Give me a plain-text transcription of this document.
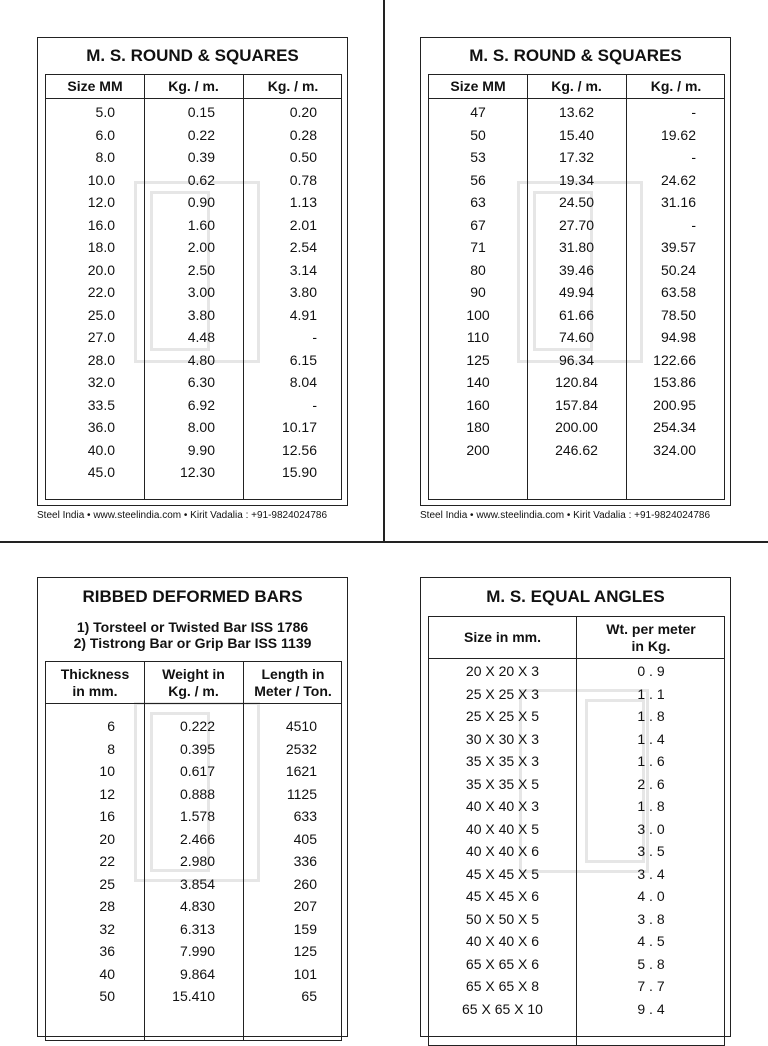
M. S. ROUND & SQUARES
Size MM	Kg. / m.	Kg. / m.
5.0	0.15	0.20
6.0	0.22	0.28
8.0	0.39	0.50
10.0	0.62	0.78
12.0	0.90	1.13
16.0	1.60	2.01
18.0	2.00	2.54
20.0	2.50	3.14
22.0	3.00	3.80
25.0	3.80	4.91
27.0	4.48	-
28.0	4.80	6.15
32.0	6.30	8.04
33.5	6.92	-
36.0	8.00	10.17
40.0	9.90	12.56
45.0	12.30	15.90
Steel India • www.steelindia.com • Kirit Vadalia : +91-9824024786
M. S. ROUND & SQUARES
Size MM	Kg. / m.	Kg. / m.
47	13.62	-
50	15.40	19.62
53	17.32	-
56	19.34	24.62
63	24.50	31.16
67	27.70	-
71	31.80	39.57
80	39.46	50.24
90	49.94	63.58
100	61.66	78.50
110	74.60	94.98
125	96.34	122.66
140	120.84	153.86
160	157.84	200.95
180	200.00	254.34
200	246.62	324.00
Steel India • www.steelindia.com • Kirit Vadalia : +91-9824024786
RIBBED DEFORMED BARS
1) Torsteel or Twisted Bar ISS 1786
2) Tistrong Bar or Grip Bar ISS 1139
Thickness
in mm.
Weight in
Kg. / m.
Length in
Meter / Ton.
6	0.222	4510
8	0.395	2532
10	0.617	1621
12	0.888	1125
16	1.578	633
20	2.466	405
22	2.980	336
25	3.854	260
28	4.830	207
32	6.313	159
36	7.990	125
40	9.864	101
50	15.410	65
M. S. EQUAL ANGLES
Size in mm.
Wt. per meter
in Kg.
20 X 20 X 3	0 . 9
25 X 25 X 3	1 . 1
25 X 25 X 5	1 . 8
30 X 30 X 3	1 . 4
35 X 35 X 3	1 . 6
35 X 35 X 5	2 . 6
40 X 40 X 3	1 . 8
40 X 40 X 5	3 . 0
40 X 40 X 6	3 . 5
45 X 45 X 5	3 . 4
45 X 45 X 6	4 . 0
50 X 50 X 5	3 . 8
40 X 40 X 6	4 . 5
65 X 65 X 6	5 . 8
65 X 65 X 8	7 . 7
65 X 65 X 10	9 . 4
